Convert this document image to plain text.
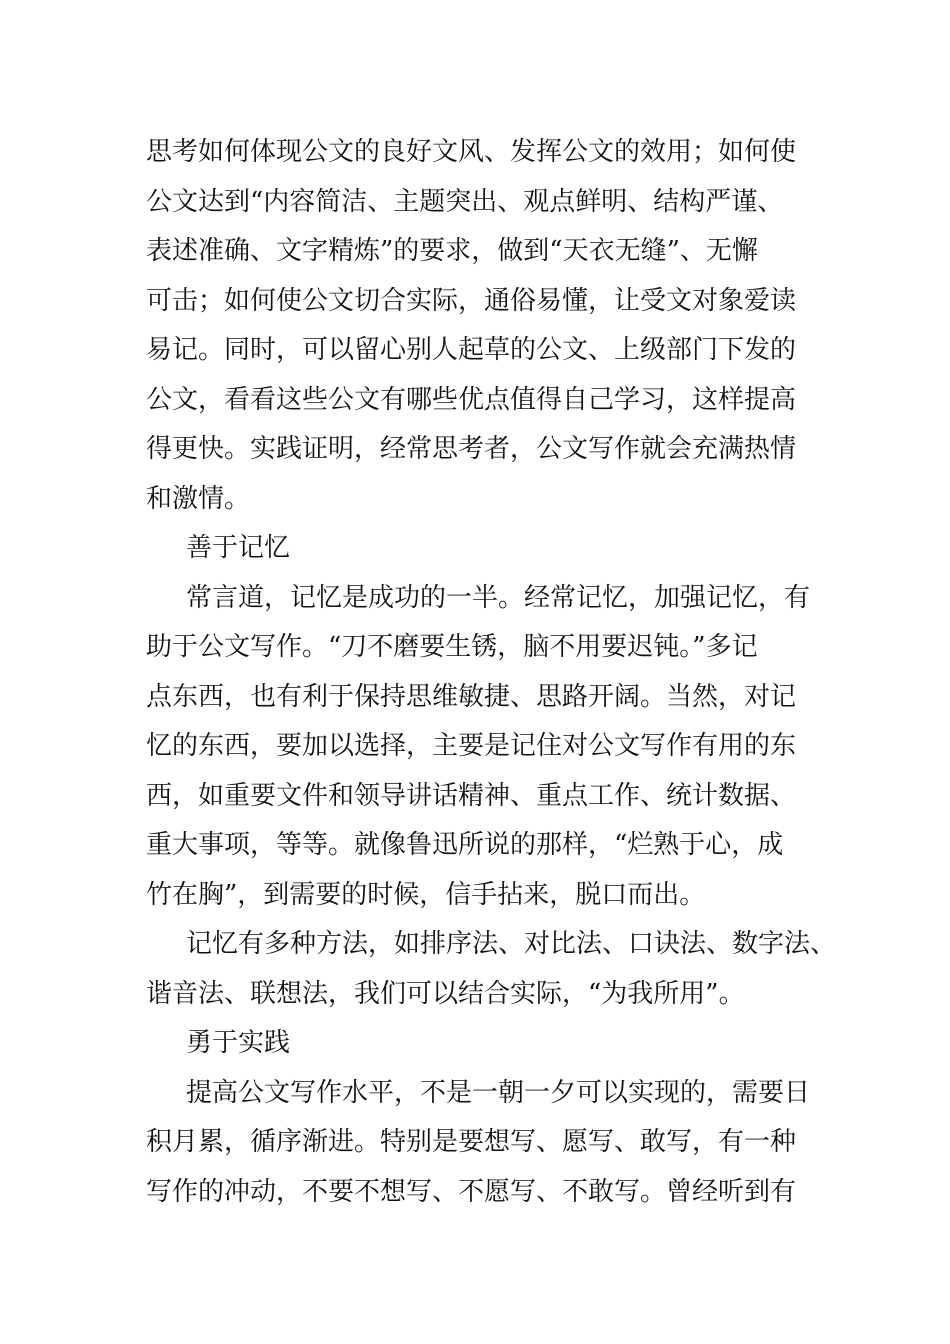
思考如何体现公文的良好文风、发挥公文的效用；如何使
公文达到“内容简洁、主题突出、观点鲜明、结构严谨、
表述准确、文字精炼”的要求，做到“天衣无缝”、无懈
可击；如何使公文切合实际，通俗易懂，让受文对象爱读
易记。同时，可以留心别人起草的公文、上级部门下发的
公文，看看这些公文有哪些优点值得自己学习，这样提高
得更快。实践证明，经常思考者，公文写作就会充满热情
和激情。
善于记忆
常言道，记忆是成功的一半。经常记忆，加强记忆，有
助于公文写作。“刀不磨要生锈，脑不用要迟钝。”多记
点东西，也有利于保持思维敏捷、思路开阔。当然，对记
忆的东西，要加以选择，主要是记住对公文写作有用的东
西，如重要文件和领导讲话精神、重点工作、统计数据、
重大事项，等等。就像鲁迅所说的那样，“烂熟于心，成
竹在胸”，到需要的时候，信手拈来，脱口而出。
记忆有多种方法，如排序法、对比法、口诀法、数字法、
谐音法、联想法，我们可以结合实际，“为我所用”。
勇于实践
提高公文写作水平，不是一朝一夕可以实现的，需要日
积月累，循序渐进。特别是要想写、愿写、敢写，有一种
写作的冲动，不要不想写、不愿写、不敢写。曾经听到有
